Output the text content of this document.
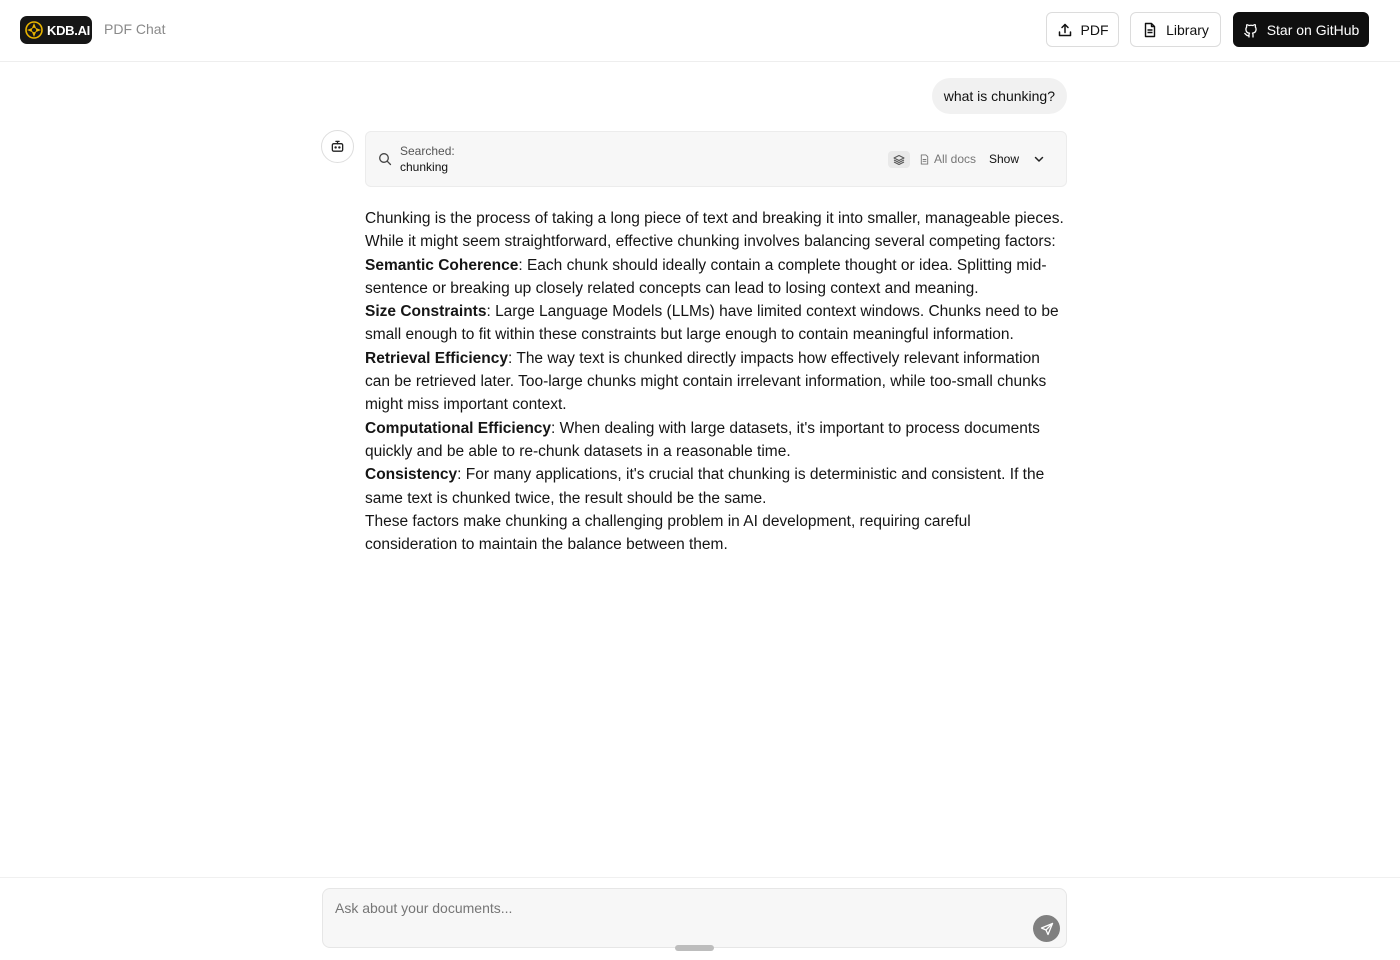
KDB.AI PDF Chat	PDF	Library	Star on GitHub
what is chunking?
Searched:
chunking
All docs Show

Chunking is the process of taking a long piece of text and breaking it into smaller, manageable pieces. While it might seem straightforward, effective chunking involves balancing several competing factors:

Semantic Coherence: Each chunk should ideally contain a complete thought or idea. Splitting mid-sentence or breaking up closely related concepts can lead to losing context and meaning.

Size Constraints: Large Language Models (LLMs) have limited context windows. Chunks need to be small enough to fit within these constraints but large enough to contain meaningful information.

Retrieval Efficiency: The way text is chunked directly impacts how effectively relevant information can be retrieved later. Too-large chunks might contain irrelevant information, while too-small chunks might miss important context.

Computational Efficiency: When dealing with large datasets, it's important to process documents quickly and be able to re-chunk datasets in a reasonable time.

Consistency: For many applications, it's crucial that chunking is deterministic and consistent. If the same text is chunked twice, the result should be the same.

These factors make chunking a challenging problem in AI development, requiring careful consideration to maintain the balance between them.

Ask about your documents...
